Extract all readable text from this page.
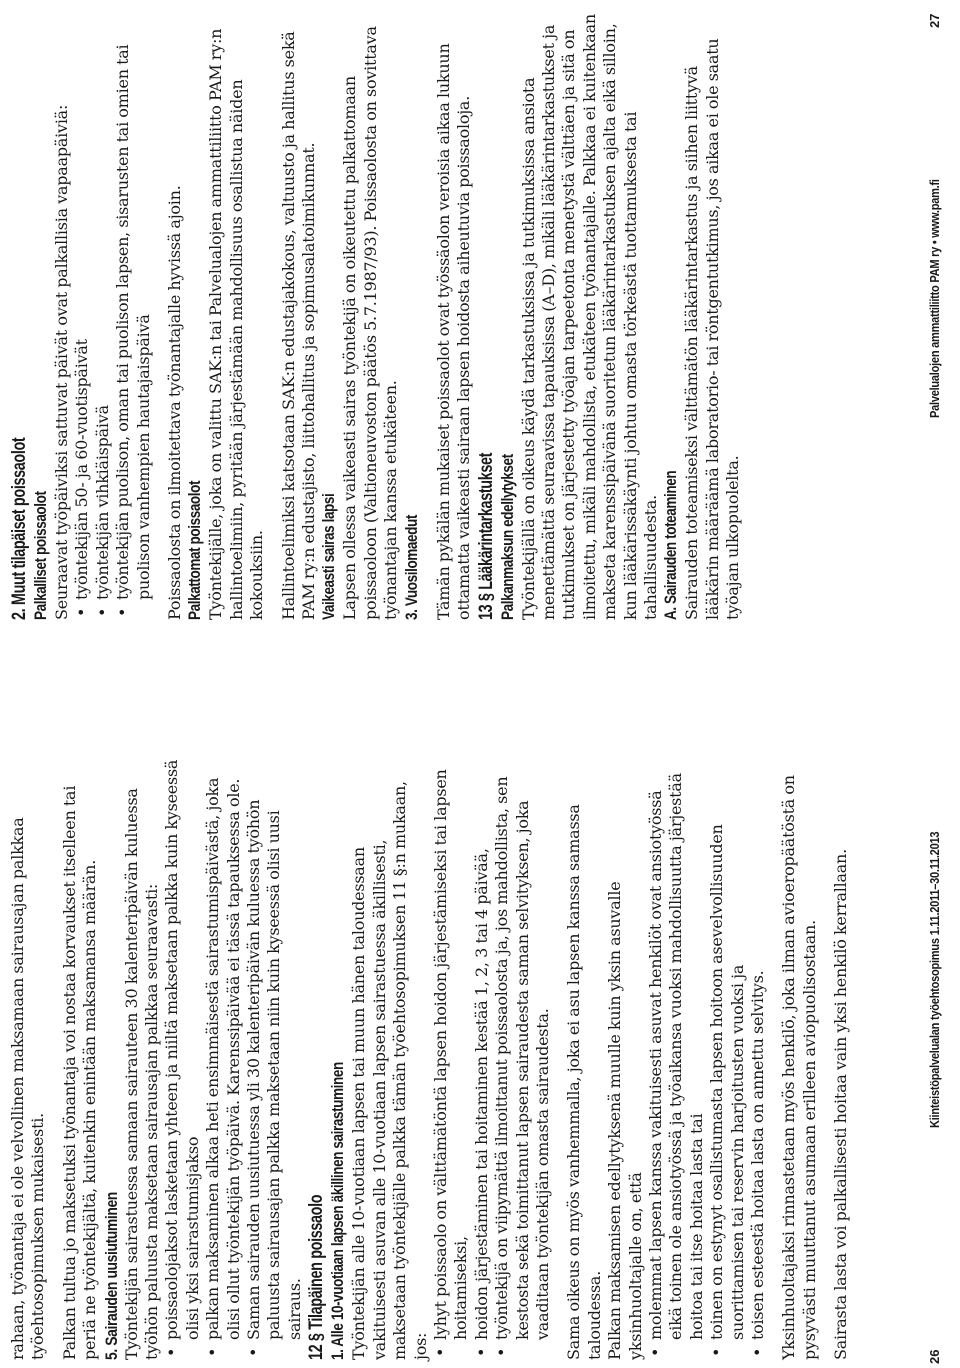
rahaan, työnantaja ei ole velvollinen maksamaan sairausajan palkkaa työehtosopimuksen mukaisesti. Palkan tultua jo maksetuksi työnantaja voi nostaa korvaukset itselleen tai periä ne työntekijältä, kuitenkin enintään maksamansa määrän. 5. Sairauden uusiutuminen Työntekijän sairastuessa samaan sairauteen 30 kalenteripäivän kuluessa työhön paluusta maksetaan sairausajan palkkaa seuraavasti: • poissaolojaksot lasketaan yhteen ja niiltä maksetaan palkka kuin kyseessä olisi yksi sairastumisjakso • palkan maksaminen alkaa heti ensimmäisestä sairastumispäivästä, joka olisi ollut työntekijän työpäivä. Karenssipäivää ei tässä tapauksessa ole. • Saman sairauden uusiutuessa yli 30 kalenteripäivän kuluessa työhön paluusta sairausajan palkka maksetaan niin kuin kyseessä olisi uusi sairaus. 12 § Tilapäinen poissaolo 1. Alle 10-vuotiaan lapsen äkillinen sairastuminen Työntekijän alle 10-vuotiaan lapsen tai muun hänen taloudessaan vakituisesti asuvan alle 10-vuotiaan lapsen sairastuessa äkillisesti, maksetaan työntekijälle palkka tämän työehtosopimuksen 11 §:n mukaan, jos:

• lyhyt poissaolo on välttämätöntä lapsen hoidon järjestämiseksi tai lapsen hoitamiseksi, • hoidon järjestäminen tai hoitaminen kestää 1, 2, 3 tai 4 päivää, • työntekijä on viipymättä ilmoittanut poissaolosta ja, jos mahdollista, sen kestosta sekä toimittanut lapsen sairaudesta saman selvityksen, joka vaaditaan työntekijän omasta sairaudesta. Sama oikeus on myös vanhemmalla, joka ei asu lapsen kanssa samassa taloudessa. Palkan maksamisen edellytyksenä muulle kuin yksin asuvalle yksinhuoltajalle on, että • molemmat lapsen kanssa vakituisesti asuvat henkilöt ovat ansiotyössä eikä toinen ole ansiotyössä ja työaikansa vuoksi mahdollisuutta järjestää hoitoa tai itse hoitaa lasta tai • toinen on estynyt osallistumasta lapsen hoitoon asevelvollisuuden suorittamisen tai reservin harjoitusten vuoksi ja • toisen esteestä hoitaa lasta on annettu selvitys. Yksinhuoltajaksi rinnastetaan myös henkilö, joka ilman avioeropäätöstä on pysyvästi muuttanut asumaan erilleen aviopuolisostaan. Sairasta lasta voi palkallisesti hoitaa vain yksi henkilö kerrallaan.

2. Muut tilapäiset poissaolot Palkalliset poissaolot Seuraavat työpäiviksi sattuvat päivät ovat palkallisia vapaapäiviä: • työntekijän 50- ja 60-vuotispäivät • työntekijän vihkiäispäivä • työntekijän puolison, oman tai puolison lapsen, sisarusten tai omien tai puolison vanhempien hautajaispäivä Poissaolosta on ilmoitettava työnantajalle hyvissä ajoin. Palkattomat poissaolot Työntekijälle, joka on valittu SAK:n tai Palvelualojen ammattiliitto PAM ry:n hallintoelimiin, pyritään järjestämään mahdollisuus osallistua näiden kokouksiin. Hallintoelimiksi katsotaan SAK:n edustajakokous, valtuusto ja hallitus sekä PAM ry:n edustajisto, liittohallitus ja sopimusalatoimikunnat. Vaikeasti sairas lapsi Lapsen ollessa vaikeasti sairas työntekijä on oikeutettu palkattomaan poissaoloon (Valtioneuvoston päätös 5.7.1987/93). Poissaolosta on sovittava työnantajan kanssa etukäteen. 3. Vuosilomaedut Tämän pykälän mukaiset poissaolot ovat työssäolon veroisia aikaa lukuun ottamatta vaikeasti sairaan lapsen hoidosta aiheutuvia poissaoloja. 13 § Lääkärintarkastukset Palkanmaksun edellytykset Työntekijällä on oikeus käydä tarkastuksissa ja tutkimuksissa ansiota menettämättä seuraavissa tapauksissa (A–D), mikäli lääkärintarkastukset ja tutkimukset on järjestetty työajan tarpeetonta menetystä välttäen ja sitä on ilmoitettu, mikäli mahdollista, etukäteen työnantajalle. Palkkaa ei kuitenkaan makseta karenssipäivänä suoritetun lääkärintarkastuksen ajalta eikä silloin, kun lääkärissäkäynti johtuu omasta törkeästä tuottamuksesta tai tahallisuudesta. A. Sairauden toteaminen Sairauden toteamiseksi välttämätön lääkärintarkastus ja siihen liittyvä lääkärin määräämä laboratorio- tai röntgentutkimus, jos aikaa ei ole saatu työajan ulkopuolelta.

26
Kiinteistöpalvelualan työehtosopimus 1.11.2011–30.11.2013
Palvelualojen ammattiliitto PAM ry • www.pam.fi
27
